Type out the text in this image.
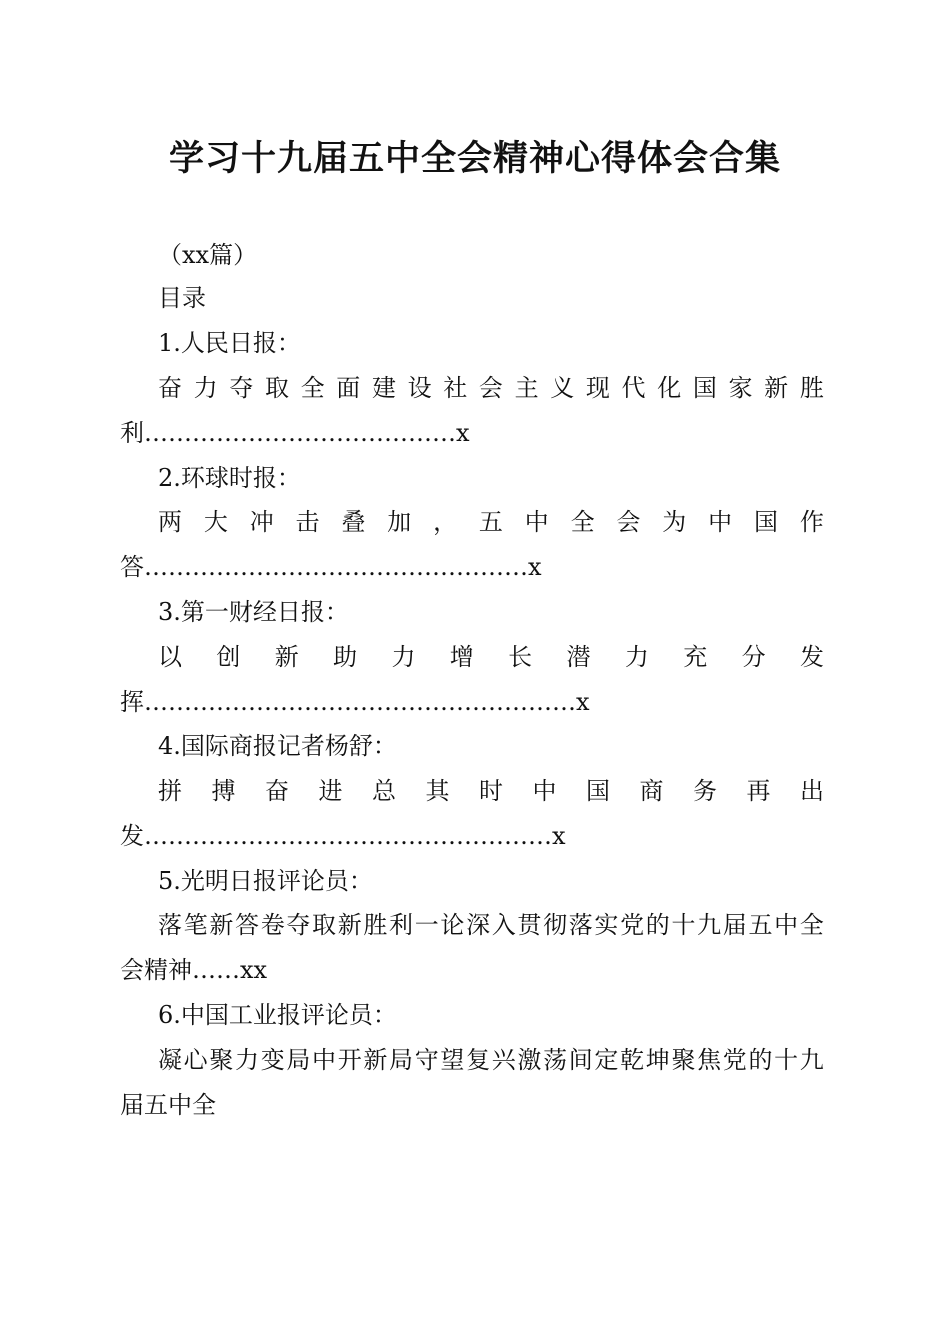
学习十九届五中全会精神心得体会合集

（xx篇）

目录

1.人民日报：

奋 力 夺 取 全 面 建 设 社 会 主 义 现 代 化 国 家 新 胜

利…………………………………x

2.环球时报：

两 大 冲 击 叠 加 ， 五 中 全 会 为 中 国 作

答…………………………………………x

3.第一财经日报：

以 创 新 助 力 增 长 潜 力 充 分 发

挥………………………………………………x

4.国际商报记者杨舒：

拼 搏 奋 进 总 其 时 中 国 商 务 再 出

发……………………………………………x

5.光明日报评论员：

落 笔 新 答 卷 夺 取 新 胜 利 一 论 深 入 贯 彻 落 实 党 的 十 九 届 五 中 全

会精神……xx

6.中国工业报评论员：

凝 心 聚 力 变 局 中 开 新 局 守 望 复 兴 激 荡 间 定 乾 坤 聚 焦 党 的 十 九

届五中全
